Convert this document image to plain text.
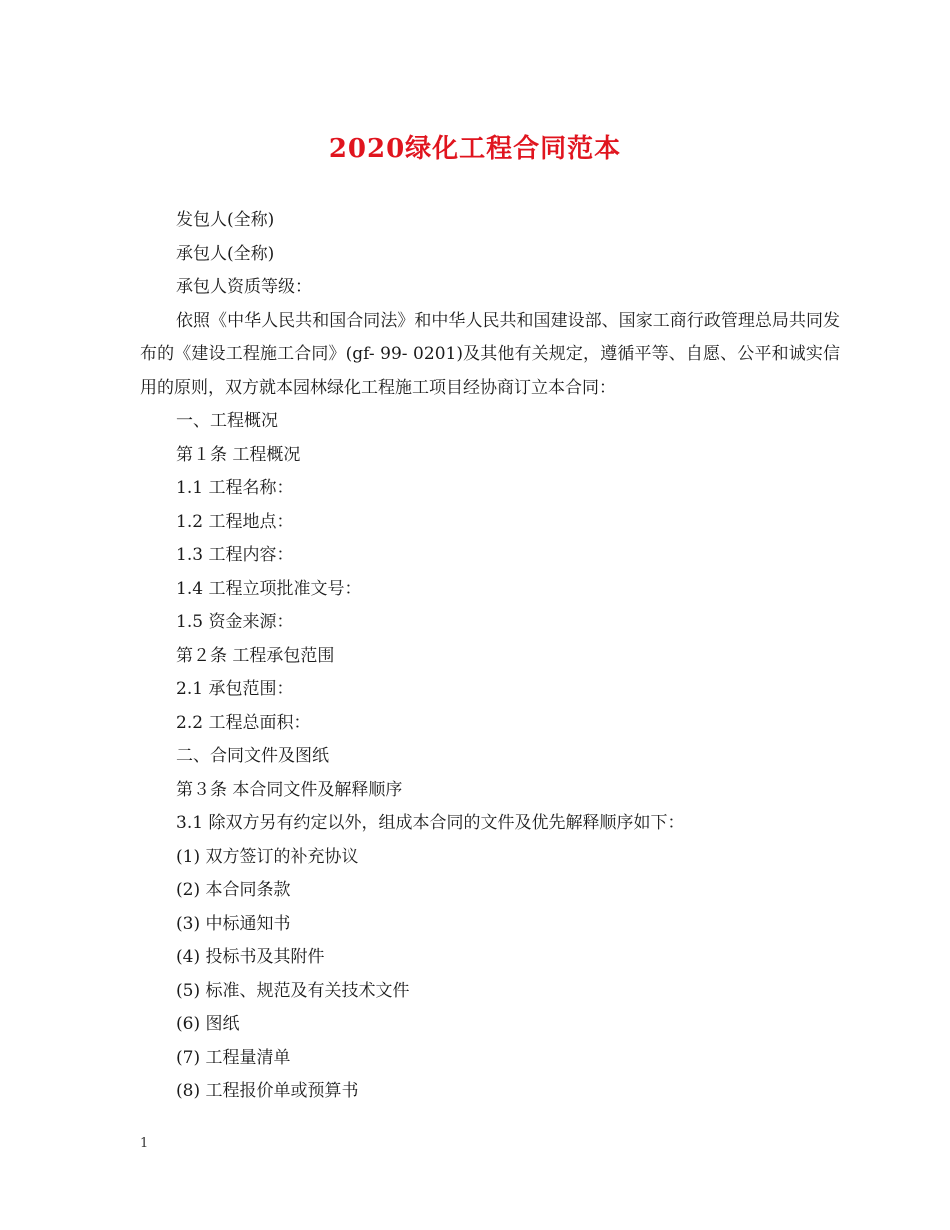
2020绿化工程合同范本

发包人(全称)

承包人(全称)

承包人资质等级：

依照《中华人民共和国合同法》和中华人民共和国建设部、国家工商行政管理总局共同发布的《建设工程施工合同》(gf- 99- 0201)及其他有关规定，遵循平等、自愿、公平和诚实信用的原则，双方就本园林绿化工程施工项目经协商订立本合同：

一、工程概况

第１条 工程概况

1.1 工程名称：

1.2 工程地点：

1.3 工程内容：

1.4 工程立项批准文号：

1.5 资金来源：

第２条 工程承包范围

2.1 承包范围：

2.2 工程总面积：

二、合同文件及图纸

第３条 本合同文件及解释顺序

3.1 除双方另有约定以外，组成本合同的文件及优先解释顺序如下：

(1) 双方签订的补充协议

(2) 本合同条款

(3) 中标通知书

(4) 投标书及其附件

(5) 标准、规范及有关技术文件

(6) 图纸

(7) 工程量清单

(8) 工程报价单或预算书

1
